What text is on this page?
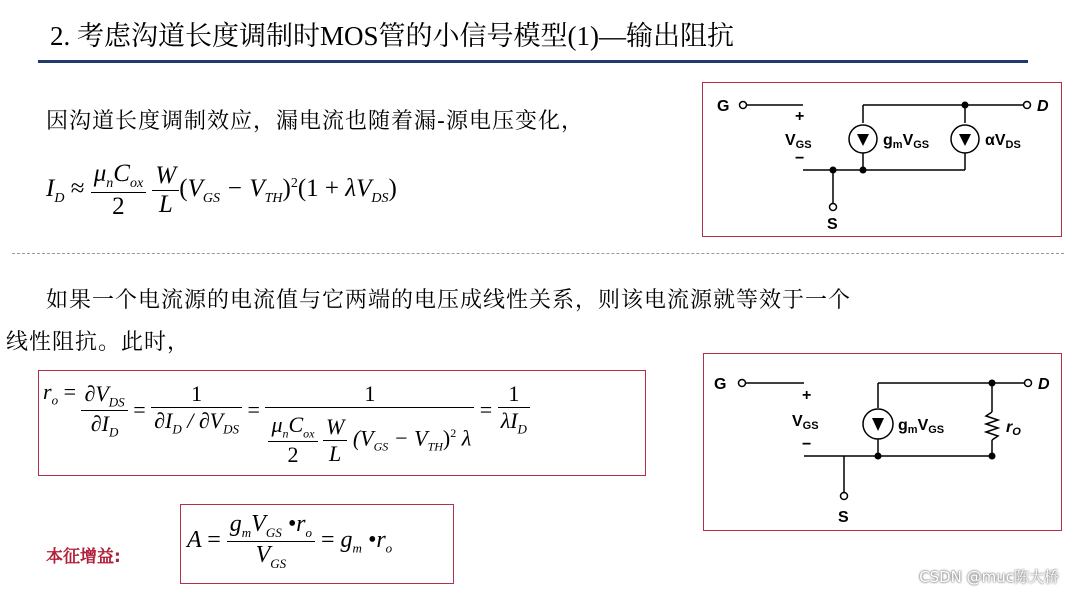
2. 考虑沟道长度调制时MOS管的小信号模型(1)—输出阻抗
因沟道长度调制效应，漏电流也随着漏-源电压变化，
$I_D \approx \frac{\mu_nC_{ox}}{2}$
$\frac{W}{L} (V_{GS} - V_{TH})^2(1 + \lambda V_{DS})$
G	D
S
+
−
VGS	gmVGS	αVDS
如果一个电流源的电流值与它两端的电压成线性关系，则该电流源就等效于一个
线性阻抗。此时，
$r_o = \frac{\partial V_{DS}}{\partial I_D} = \frac{1}{\partial I_D / \partial V_{DS}} = 1$
$\frac{\mu_nC_{ox}}{2}$
$\frac{W}{L} (V_{GS} - V_{TH})^2$ $\lambda = \frac{1}{\lambda I_D}$	G	D
S
+
−
VGS	gmVGS	rO
本征增益:
$A = \frac{g_mV_{GS} •r_o}{V_{GS}} = g_m$ $•r_o$
CSDN @muc陈大桥
